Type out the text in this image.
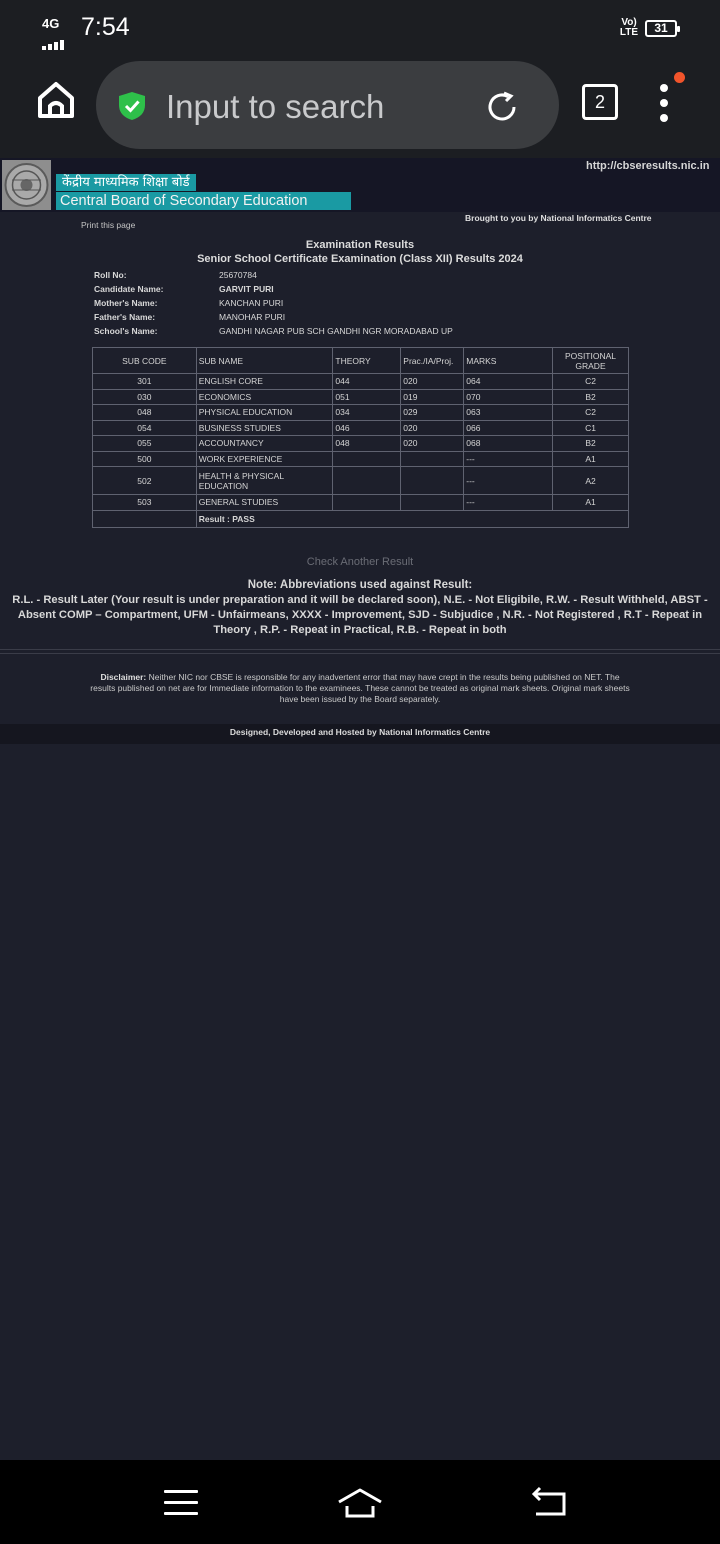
4G 7:54	Vo) LTE	31
Input to search	2
केंद्रीय माध्यमिक शिक्षा बोर्ड
Central Board of Secondary Education
http://cbseresults.nic.in
Print this page
Brought to you by National Informatics Centre
Examination Results
Senior School Certificate Examination (Class XII) Results 2024
Roll No:	25670784
Candidate Name:	GARVIT PURI
Mother's Name:	KANCHAN PURI
Father's Name:	MANOHAR PURI
School's Name:	GANDHI NAGAR PUB SCH GANDHI NGR MORADABAD UP
SUB CODE	SUB NAME	THEORY	Prac./IA/Proj.	MARKS	POSITIONAL GRADE
301	ENGLISH CORE	044	020	064	C2
030	ECONOMICS	051	019	070	B2
048	PHYSICAL EDUCATION	034	029	063	C2
054	BUSINESS STUDIES	046	020	066	C1
055	ACCOUNTANCY	048	020	068	B2
500	WORK EXPERIENCE			---	A1
502	HEALTH & PHYSICAL EDUCATION			---	A2
503	GENERAL STUDIES			---	A1
	Result : PASS				
Check Another Result
Note: Abbreviations used against Result:
R.L. - Result Later (Your result is under preparation and it will be declared soon), N.E. - Not Eligibile, R.W. - Result Withheld, ABST - Absent COMP – Compartment, UFM - Unfairmeans, XXXX - Improvement, SJD - Subjudice , N.R. - Not Registered , R.T - Repeat in Theory , R.P. - Repeat in Practical, R.B. - Repeat in both
Disclaimer: Neither NIC nor CBSE is responsible for any inadvertent error that may have crept in the results being published on NET. The results published on net are for Immediate information to the examinees. These cannot be treated as original mark sheets. Original mark sheets have been issued by the Board separately.
Designed, Developed and Hosted by National Informatics Centre
